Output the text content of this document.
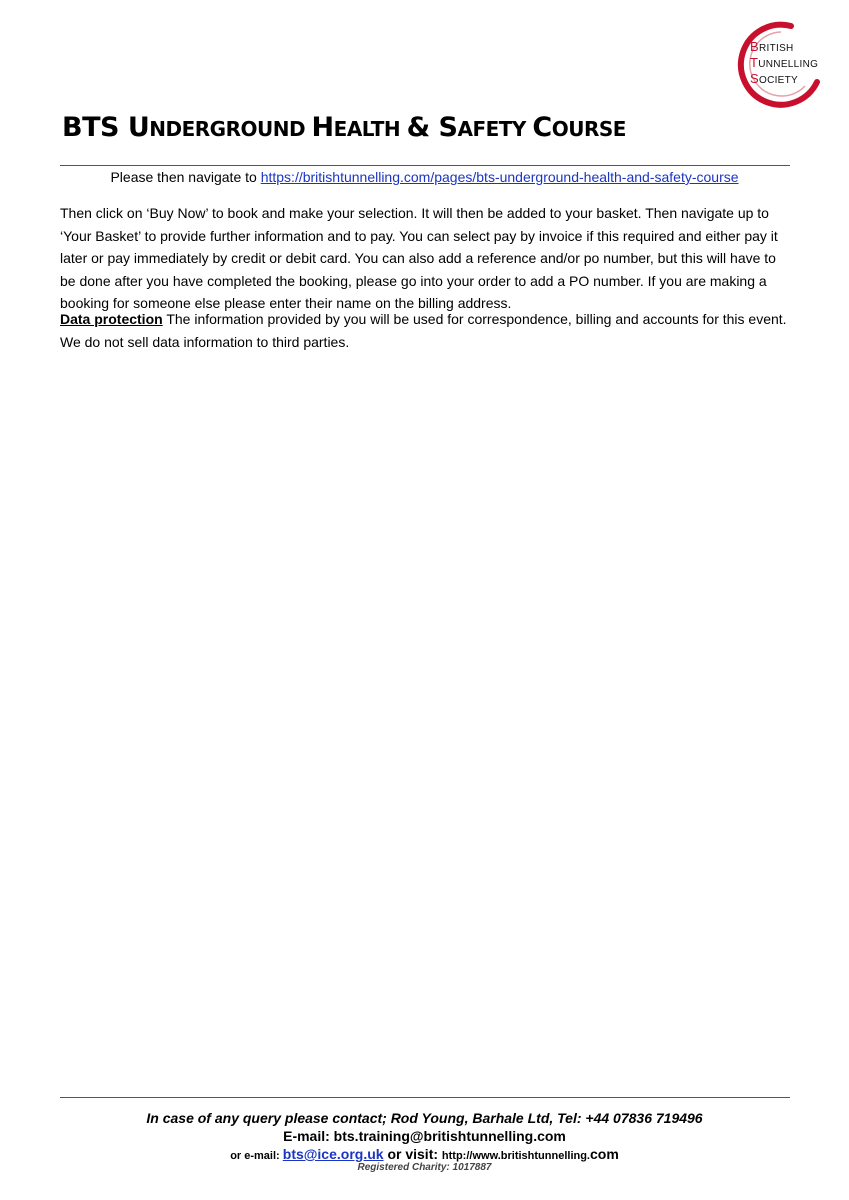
BRITISH
TUNNELLING
SOCIETY
BTS UNDERGROUND HEALTH & SAFETY COURSE
Please then navigate to https://britishtunnelling.com/pages/bts-underground-health-and-safety-course

Then click on ‘Buy Now’ to book and make your selection. It will then be added to your basket. Then navigate up to ‘Your Basket’ to provide further information and to pay. You can select pay by invoice if this required and either pay it later or pay immediately by credit or debit card. You can also add a reference and/or po number, but this will have to be done after you have completed the booking, please go into your order to add a PO number. If you are making a booking for someone else please enter their name on the billing address.

Data protection The information provided by you will be used for correspondence, billing and accounts for this event. We do not sell data information to third parties.

In case of any query please contact; Rod Young, Barhale Ltd, Tel: +44 07836 719496
E-mail: bts.training@britishtunnelling.com
or e-mail: bts@ice.org.uk or visit: http://www.britishtunnelling.com
Registered Charity: 1017887
